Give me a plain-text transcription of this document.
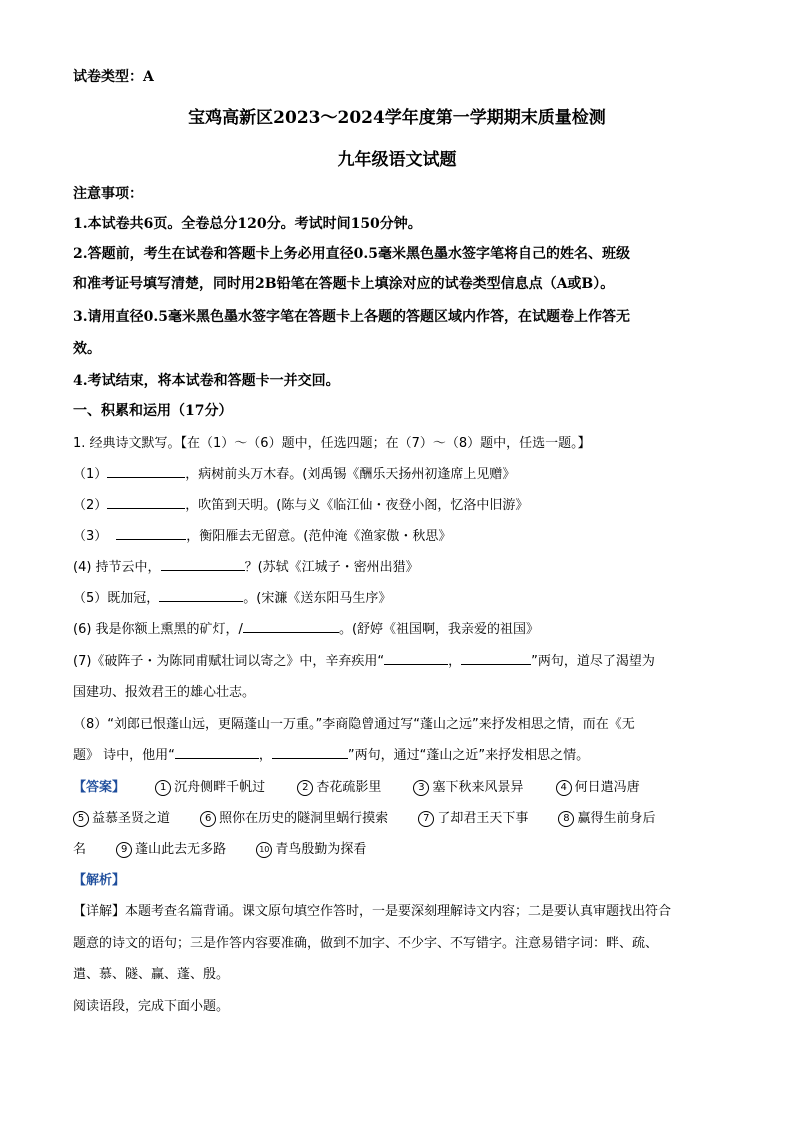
试卷类型：A
宝鸡高新区2023～2024学年度第一学期期末质量检测
九年级语文试题
注意事项：
1.本试卷共6页。全卷总分120分。考试时间150分钟。
2.答题前，考生在试卷和答题卡上务必用直径0.5毫米黑色墨水签字笔将自己的姓名、班级
和准考证号填写清楚，同时用2B铅笔在答题卡上填涂对应的试卷类型信息点（A或B）。
3.请用直径0.5毫米黑色墨水签字笔在答题卡上各题的答题区域内作答，在试题卷上作答无
效。
4.考试结束，将本试卷和答题卡一并交回。
一、积累和运用（17分）
1. 经典诗文默写。【在（1）～（6）题中，任选四题；在（7）～（8）题中，任选一题。】
（1）	，病树前头万木春。(刘禹锡《酬乐天扬州初逢席上见赠》
（2）	，吹笛到天明。(陈与义《临江仙・夜登小阁，忆洛中旧游》
（3）	，衡阳雁去无留意。(范仲淹《渔家傲・秋思》
(4) 持节云中，	？(苏轼《江城子・密州出猎》
（5）既加冠，	。(宋濂《送东阳马生序》
(6) 我是你额上熏黑的矿灯，/	。(舒婷《祖国啊，我亲爱的祖国》
(7)《破阵子・为陈同甫赋壮词以寄之》中，辛弃疾用“	，	”两句，道尽了渴望为
国建功、报效君王的雄心壮志。
（8）“刘郎已恨蓬山远，更隔蓬山一万重。”李商隐曾通过写“蓬山之远”来抒发相思之情，而在《无
题》 诗中，他用“	，	”两句，通过“蓬山之近”来抒发相思之情。
【答案】	1 沉舟侧畔千帆过	2 杏花疏影里	3 塞下秋来风景异	4 何日遣冯唐
5 益慕圣贤之道	6 照你在历史的隧洞里蜗行摸索	7 了却君王天下事	8 赢得生前身后
名	9 蓬山此去无多路	10 青鸟殷勤为探看
【解析】
【详解】本题考查名篇背诵。课文原句填空作答时，一是要深刻理解诗文内容；二是要认真审题找出符合
题意的诗文的语句；三是作答内容要准确，做到不加字、不少字、不写错字。注意易错字词：畔、疏、
遣、慕、隧、赢、蓬、殷。
阅读语段，完成下面小题。
